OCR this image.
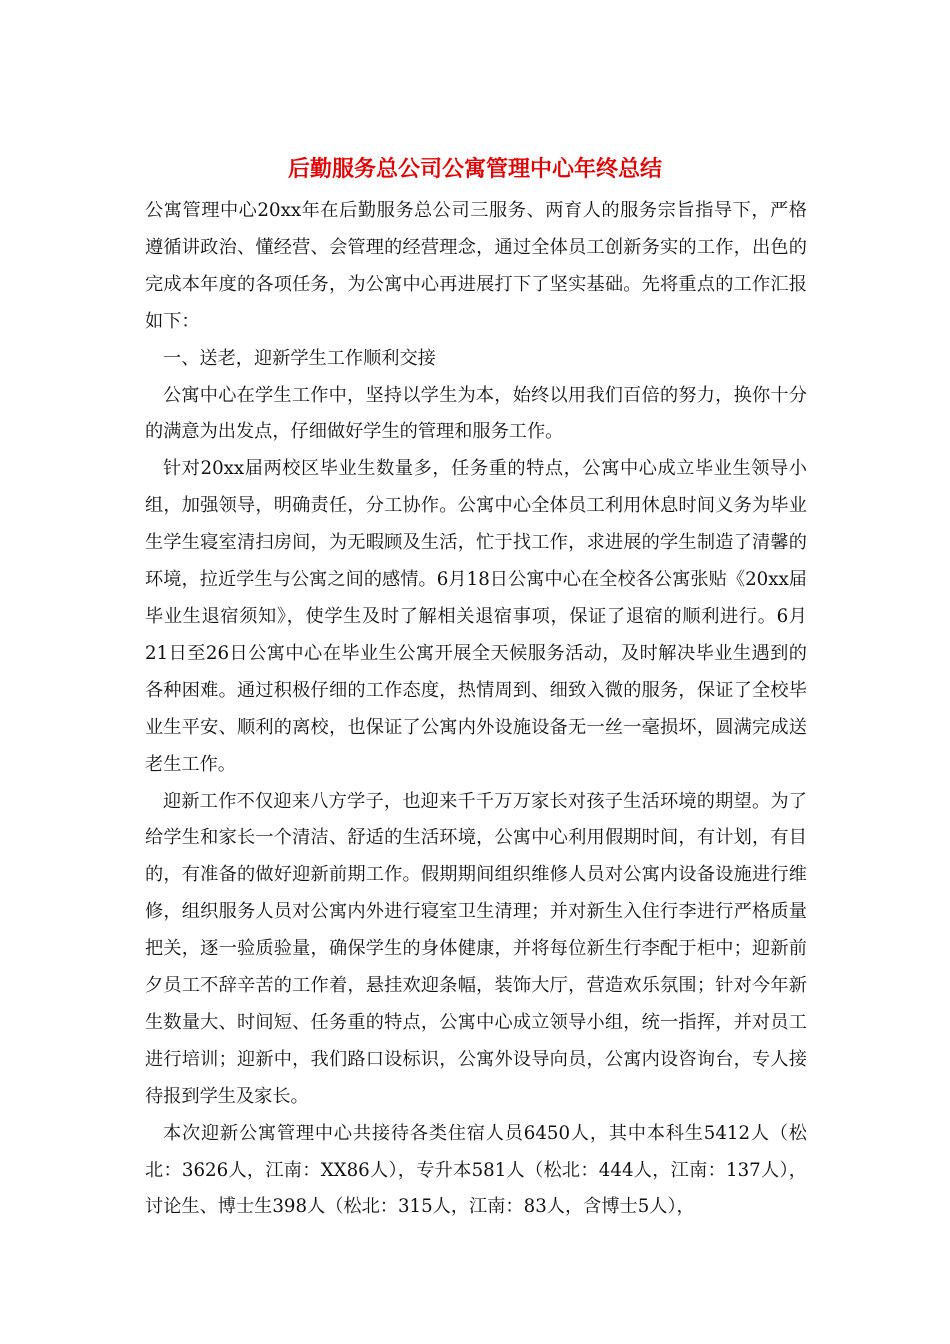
后勤服务总公司公寓管理中心年终总结

公寓管理中心20xx年在后勤服务总公司三服务、两育人的服务宗旨指导下，严格遵循讲政治、懂经营、会管理的经营理念，通过全体员工创新务实的工作，出色的完成本年度的各项任务，为公寓中心再进展打下了坚实基础。先将重点的工作汇报如下：

一、送老，迎新学生工作顺利交接

公寓中心在学生工作中，坚持以学生为本，始终以用我们百倍的努力，换你十分的满意为出发点，仔细做好学生的管理和服务工作。

针对20xx届两校区毕业生数量多，任务重的特点，公寓中心成立毕业生领导小组，加强领导，明确责任，分工协作。公寓中心全体员工利用休息时间义务为毕业生学生寝室清扫房间，为无暇顾及生活，忙于找工作，求进展的学生制造了清馨的环境，拉近学生与公寓之间的感情。6月18日公寓中心在全校各公寓张贴《20xx届毕业生退宿须知》，使学生及时了解相关退宿事项，保证了退宿的顺利进行。6月21日至26日公寓中心在毕业生公寓开展全天候服务活动，及时解决毕业生遇到的各种困难。通过积极仔细的工作态度，热情周到、细致入微的服务，保证了全校毕业生平安、顺利的离校，也保证了公寓内外设施设备无一丝一毫损坏，圆满完成送老生工作。

迎新工作不仅迎来八方学子，也迎来千千万万家长对孩子生活环境的期望。为了给学生和家长一个清洁、舒适的生活环境，公寓中心利用假期时间，有计划，有目的，有准备的做好迎新前期工作。假期期间组织维修人员对公寓内设备设施进行维修，组织服务人员对公寓内外进行寝室卫生清理；并对新生入住行李进行严格质量把关，逐一验质验量，确保学生的身体健康，并将每位新生行李配于柜中；迎新前夕员工不辞辛苦的工作着，悬挂欢迎条幅，装饰大厅，营造欢乐氛围；针对今年新生数量大、时间短、任务重的特点，公寓中心成立领导小组，统一指挥，并对员工进行培训；迎新中，我们路口设标识，公寓外设导向员，公寓内设咨询台，专人接待报到学生及家长。

本次迎新公寓管理中心共接待各类住宿人员6450人，其中本科生5412人（松北：3626人，江南：XX86人），专升本581人（松北：444人，江南：137人），讨论生、博士生398人（松北：315人，江南：83人，含博士5人），
